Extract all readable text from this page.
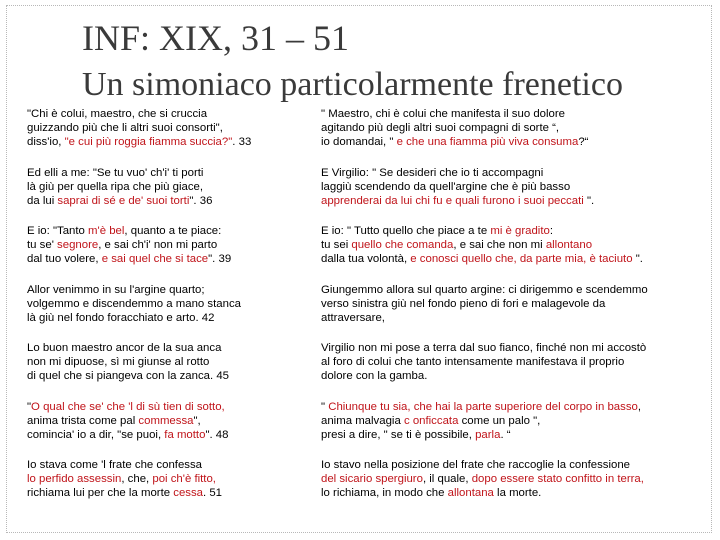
INF: XIX, 31 – 51
Un simoniaco particolarmente frenetico
"Chi è colui, maestro, che si cruccia
guizzando più che li altri suoi consorti",
diss'io, "e cui più roggia fiamma succia?". 33
" Maestro, chi è colui che manifesta il suo dolore
agitando più degli altri suoi compagni di sorte “,
io domandai, " e che una fiamma più viva consuma?“
Ed elli a me: "Se tu vuo' ch'i' ti porti
là giù per quella ripa che più giace,
da lui saprai di sé e de' suoi torti". 36
E Virgilio: " Se desideri che io ti accompagni
laggiù scendendo da quell'argine che è più basso
apprenderai da lui chi fu e quali furono i suoi peccati ".
E io: "Tanto m'è bel, quanto a te piace:
tu se' segnore, e sai ch'i' non mi parto
dal tuo volere, e sai quel che si tace". 39
E io: " Tutto quello che piace a te mi è gradito:
tu sei quello che comanda, e sai che non mi allontano
dalla tua volontà, e conosci quello che, da parte mia, è taciuto ".
Allor venimmo in su l'argine quarto;
volgemmo e discendemmo a mano stanca
là giù nel fondo foracchiato e arto. 42
Giungemmo allora sul quarto argine: ci dirigemmo e scendemmo
verso sinistra giù nel fondo pieno di fori e malagevole da
attraversare,
Lo buon maestro ancor de la sua anca
non mi dipuose, sì mi giunse al rotto
di quel che si piangeva con la zanca. 45
Virgilio non mi pose a terra dal suo fianco, finché non mi accostò
al foro di colui che tanto intensamente manifestava il proprio
dolore con la gamba.
"O qual che se' che 'l di sù tien di sotto,
anima trista come pal commessa",
comincia' io a dir, "se puoi, fa motto". 48
" Chiunque tu sia, che hai la parte superiore del corpo in basso,
anima malvagia c onficcata come un palo ",
presi a dire, " se ti è possibile, parla. “
Io stava come 'l frate che confessa
lo perfido assessin, che, poi ch'è fitto,
richiama lui per che la morte cessa. 51
Io stavo nella posizione del frate che raccoglie la confessione
del sicario spergiuro, il quale, dopo essere stato confitto in terra,
lo richiama, in modo che allontana la morte.
